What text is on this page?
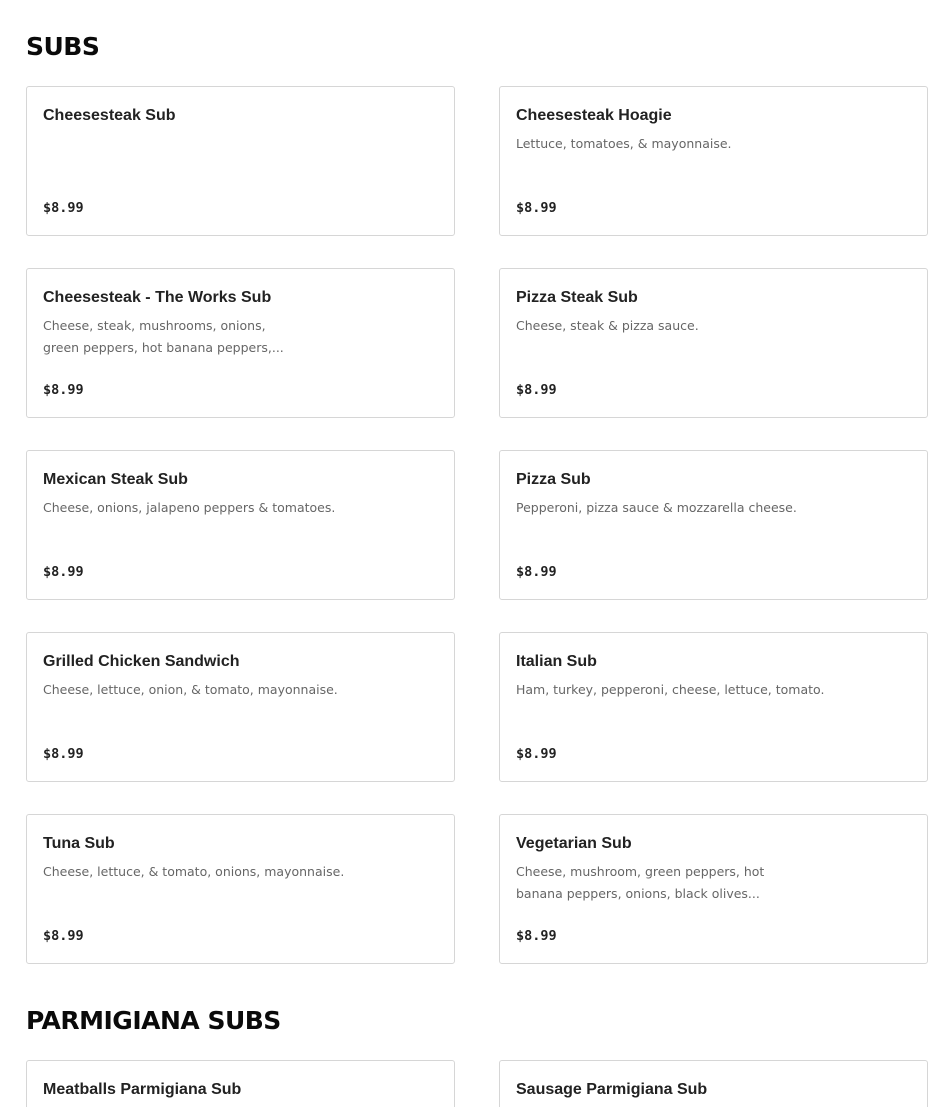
SUBS
Cheesesteak Sub
$8.99
Cheesesteak Hoagie
Lettuce, tomatoes, & mayonnaise.
$8.99
Cheesesteak - The Works Sub
Cheese, steak, mushrooms, onions, green peppers, hot banana peppers,...
$8.99
Pizza Steak Sub
Cheese, steak & pizza sauce.
$8.99
Mexican Steak Sub
Cheese, onions, jalapeno peppers & tomatoes.
$8.99
Pizza Sub
Pepperoni, pizza sauce & mozzarella cheese.
$8.99
Grilled Chicken Sandwich
Cheese, lettuce, onion, & tomato, mayonnaise.
$8.99
Italian Sub
Ham, turkey, pepperoni, cheese, lettuce, tomato.
$8.99
Tuna Sub
Cheese, lettuce, & tomato, onions, mayonnaise.
$8.99
Vegetarian Sub
Cheese, mushroom, green peppers, hot banana peppers, onions, black olives...
$8.99
PARMIGIANA SUBS
Meatballs Parmigiana Sub	Sausage Parmigiana Sub
